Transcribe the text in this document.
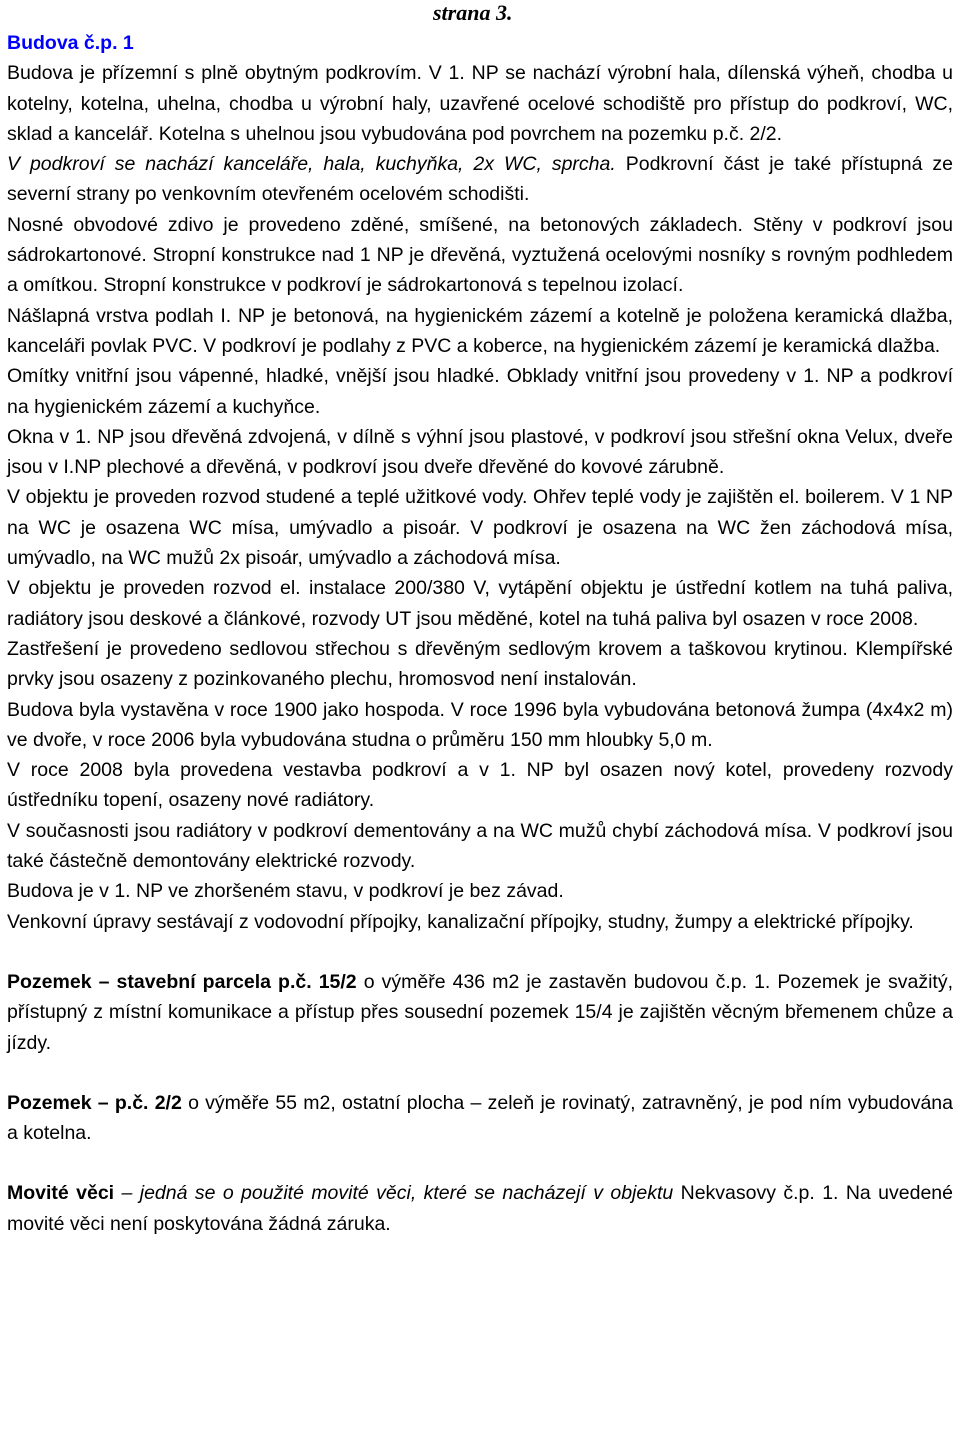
strana 3.

Budova č.p. 1

Budova je přízemní s plně obytným podkrovím. V 1. NP se nachází výrobní hala, dílenská výheň, chodba u kotelny, kotelna, uhelna, chodba u výrobní haly, uzavřené ocelové schodiště pro přístup do podkroví, WC, sklad a kancelář. Kotelna s uhelnou jsou vybudována pod povrchem na pozemku p.č. 2/2.

V podkroví se nachází kanceláře, hala, kuchyňka, 2x WC, sprcha. Podkrovní část je také přístupná ze severní strany po venkovním otevřeném ocelovém schodišti.

Nosné obvodové zdivo je provedeno zděné, smíšené, na betonových základech. Stěny v podkroví jsou sádrokartonové. Stropní konstrukce nad 1 NP je dřevěná, vyztužená ocelovými nosníky s rovným podhledem a omítkou. Stropní konstrukce v podkroví je sádrokartonová s tepelnou izolací.

Nášlapná vrstva podlah I. NP je betonová, na hygienickém zázemí a kotelně je položena keramická dlažba, kanceláři povlak PVC. V podkroví je podlahy z PVC a koberce, na hygienickém zázemí je keramická dlažba.

Omítky vnitřní jsou vápenné, hladké, vnější jsou hladké. Obklady vnitřní jsou provedeny v 1. NP a podkroví na hygienickém zázemí a kuchyňce.

Okna v 1. NP jsou dřevěná zdvojená, v dílně s výhní jsou plastové, v podkroví jsou střešní okna Velux, dveře jsou v I.NP plechové a dřevěná, v podkroví jsou dveře dřevěné do kovové zárubně.

V objektu je proveden rozvod studené a teplé užitkové vody. Ohřev teplé vody je zajištěn el. boilerem. V 1 NP na WC je osazena WC mísa, umývadlo a pisoár. V podkroví je osazena na WC žen záchodová mísa, umývadlo, na WC mužů 2x pisoár, umývadlo a záchodová mísa.

V objektu je proveden rozvod el. instalace 200/380 V, vytápění objektu je ústřední kotlem na tuhá paliva, radiátory jsou deskové a článkové, rozvody UT jsou měděné, kotel na tuhá paliva byl osazen v roce 2008.

Zastřešení je provedeno sedlovou střechou s dřevěným sedlovým krovem a taškovou krytinou. Klempířské prvky jsou osazeny z pozinkovaného plechu, hromosvod není instalován.

Budova byla vystavěna v roce 1900 jako hospoda. V roce 1996 byla vybudována betonová žumpa (4x4x2 m) ve dvoře, v roce 2006 byla vybudována studna o průměru 150 mm hloubky 5,0 m.

V roce 2008 byla provedena vestavba podkroví a v 1. NP byl osazen nový kotel, provedeny rozvody ústředníku topení, osazeny nové radiátory.

V současnosti jsou radiátory v podkroví dementovány a na WC mužů chybí záchodová mísa. V podkroví jsou také částečně demontovány elektrické rozvody.

Budova je v 1. NP ve zhoršeném stavu, v podkroví je bez závad.

Venkovní úpravy sestávají z vodovodní přípojky, kanalizační přípojky, studny, žumpy a elektrické přípojky.

Pozemek – stavební parcela p.č. 15/2 o výměře 436 m2 je zastavěn budovou č.p. 1. Pozemek je svažitý, přístupný z místní komunikace a přístup přes sousední pozemek 15/4 je zajištěn věcným břemenem chůze a jízdy.

Pozemek – p.č. 2/2 o výměře 55 m2, ostatní plocha – zeleň je rovinatý, zatravněný, je pod ním vybudována a kotelna.

Movité věci – jedná se o použité movité věci, které se nacházejí v objektu Nekvasovy č.p. 1. Na uvedené movité věci není poskytována žádná záruka.
